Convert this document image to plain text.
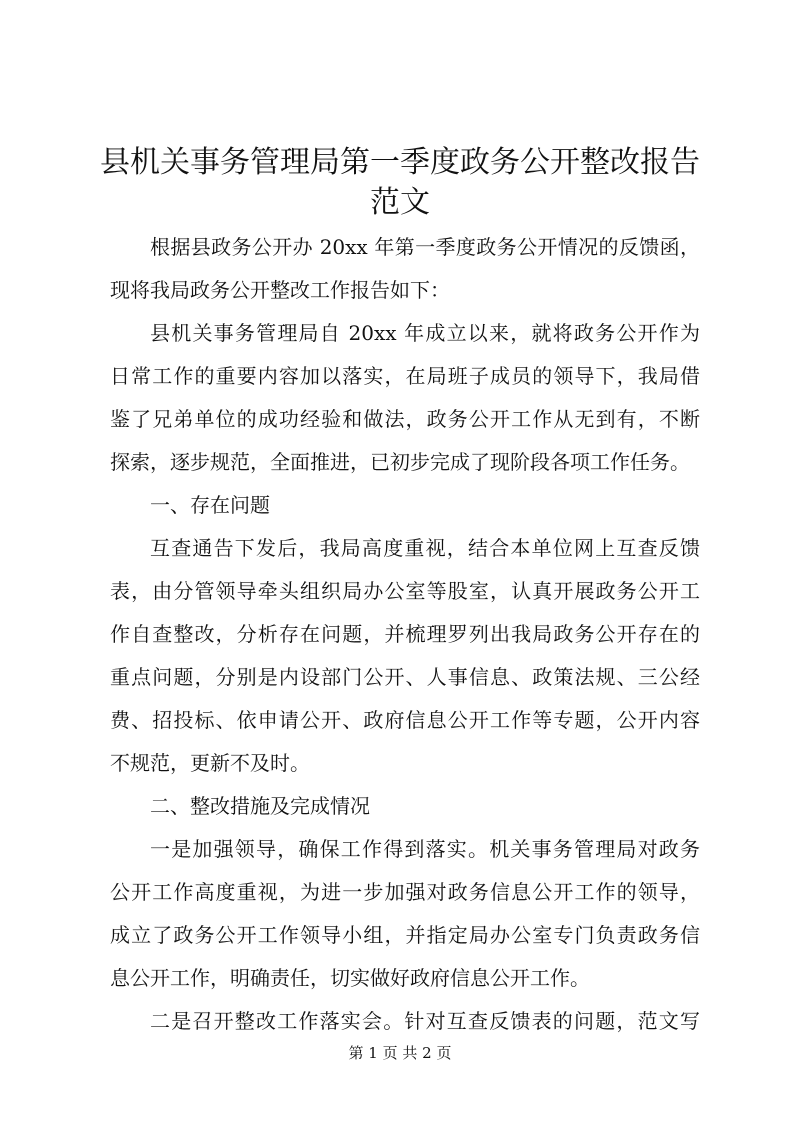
县机关事务管理局第一季度政务公开整改报告
范文
根据县政务公开办 20xx 年第一季度政务公开情况的反馈函，
现将我局政务公开整改工作报告如下：
县机关事务管理局自 20xx 年成立以来，就将政务公开作为
日常工作的重要内容加以落实，在局班子成员的领导下，我局借
鉴了兄弟单位的成功经验和做法，政务公开工作从无到有，不断
探索，逐步规范，全面推进，已初步完成了现阶段各项工作任务。
一、存在问题
互查通告下发后，我局高度重视，结合本单位网上互查反馈
表，由分管领导牵头组织局办公室等股室，认真开展政务公开工
作自查整改，分析存在问题，并梳理罗列出我局政务公开存在的
重点问题，分别是内设部门公开、人事信息、政策法规、三公经
费、招投标、依申请公开、政府信息公开工作等专题，公开内容
不规范，更新不及时。
二、整改措施及完成情况
一是加强领导，确保工作得到落实。机关事务管理局对政务
公开工作高度重视，为进一步加强对政务信息公开工作的领导，
成立了政务公开工作领导小组，并指定局办公室专门负责政务信
息公开工作，明确责任，切实做好政府信息公开工作。
二是召开整改工作落实会。针对互查反馈表的问题，范文写
第 1 页 共 2 页
